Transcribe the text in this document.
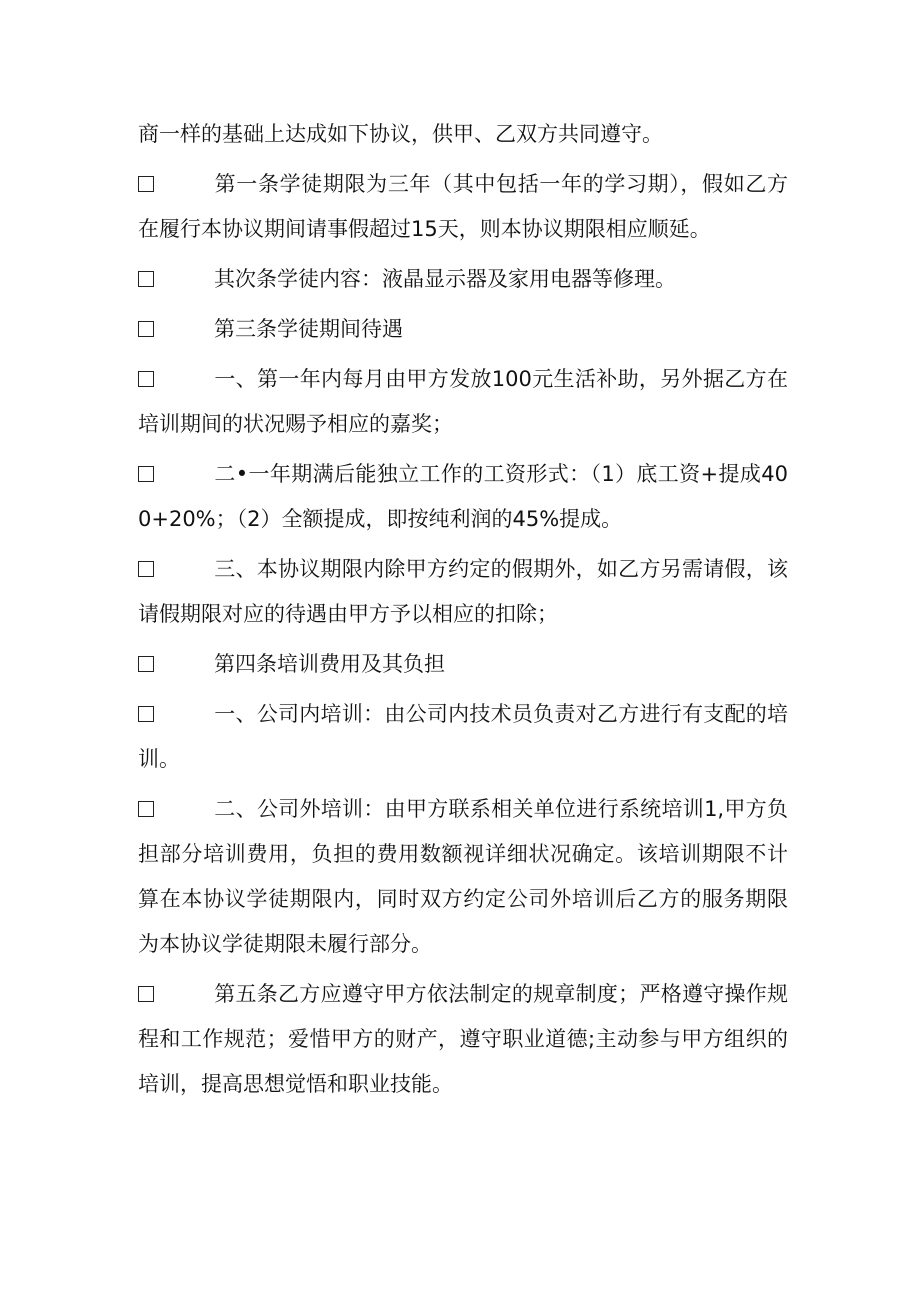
商一样的基础上达成如下协议，供甲、乙双方共同遵守。

第一条学徒期限为三年（其中包括一年的学习期），假如乙方在履行本协议期间请事假超过15天，则本协议期限相应顺延。

其次条学徒内容：液晶显示器及家用电器等修理。

第三条学徒期间待遇

一、第一年内每月由甲方发放100元生活补助，另外据乙方在培训期间的状况赐予相应的嘉奖；

二•一年期满后能独立工作的工资形式：（1）底工资+提成400+20%；（2）全额提成，即按纯利润的45%提成。

三、本协议期限内除甲方约定的假期外，如乙方另需请假，该请假期限对应的待遇由甲方予以相应的扣除；

第四条培训费用及其负担

一、公司内培训：由公司内技术员负责对乙方进行有支配的培训。

二、公司外培训：由甲方联系相关单位进行系统培训1,甲方负担部分培训费用，负担的费用数额视详细状况确定。该培训期限不计算在本协议学徒期限内，同时双方约定公司外培训后乙方的服务期限为本协议学徒期限未履行部分。

第五条乙方应遵守甲方依法制定的规章制度；严格遵守操作规程和工作规范；爱惜甲方的财产，遵守职业道德;主动参与甲方组织的培训，提高思想觉悟和职业技能。
